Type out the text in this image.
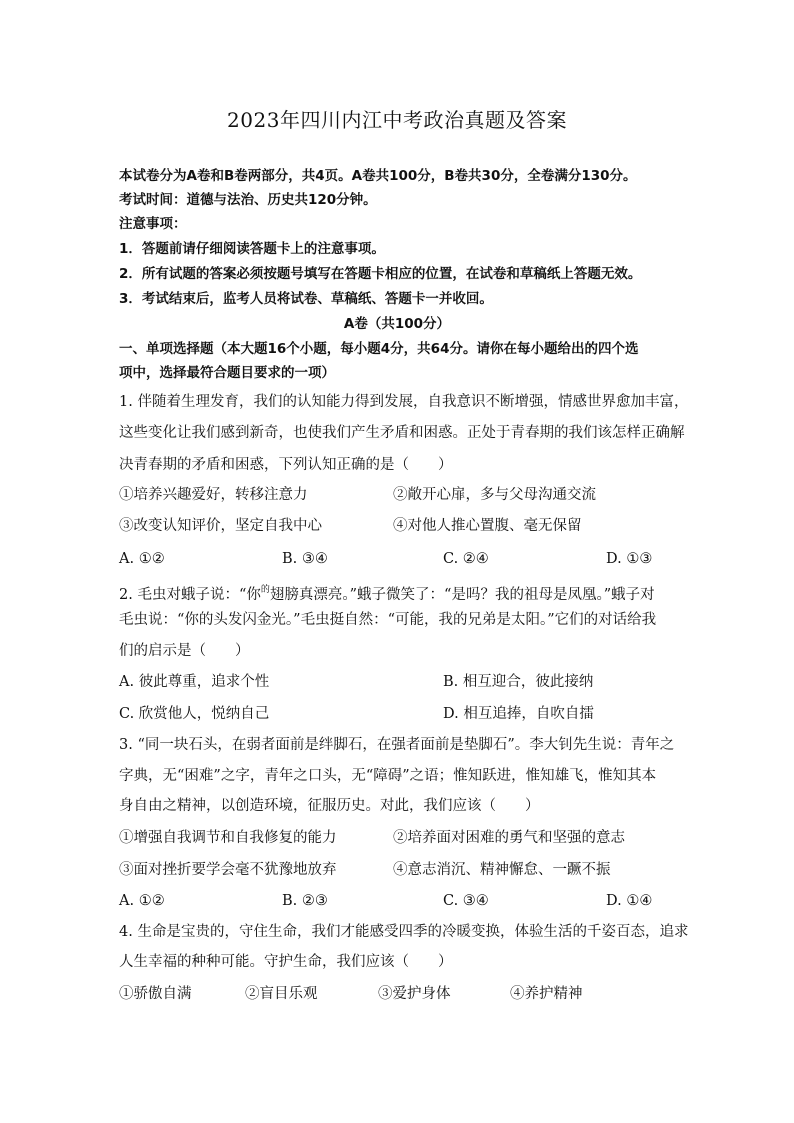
2023年四川内江中考政治真题及答案
本试卷分为A卷和B卷两部分，共4页。A卷共100分，B卷共30分，全卷满分130分。
考试时间：道德与法治、历史共120分钟。
注意事项：
1．答题前请仔细阅读答题卡上的注意事项。
2．所有试题的答案必须按题号填写在答题卡相应的位置，在试卷和草稿纸上答题无效。
3．考试结束后，监考人员将试卷、草稿纸、答题卡一并收回。
A卷（共100分）
一、单项选择题（本大题16个小题，每小题4分，共64分。请你在每小题给出的四个选
项中，选择最符合题目要求的一项）
1. 伴随着生理发育，我们的认知能力得到发展，自我意识不断增强，情感世界愈加丰富，
这些变化让我们感到新奇，也使我们产生矛盾和困惑。正处于青春期的我们该怎样正确解
决青春期的矛盾和困惑，下列认知正确的是（　　）
①培养兴趣爱好，转移注意力	②敞开心扉，多与父母沟通交流
③改变认知评价，坚定自我中心	④对他人推心置腹、毫无保留
A. ①②	B. ③④	C. ②④	D. ①③
2. 毛虫对蛾子说：“你$^的$翅膀真漂亮。”蛾子微笑了：“是吗？我的祖母是凤凰。”蛾子对
毛虫说：“你的头发闪金光。”毛虫挺自然：“可能，我的兄弟是太阳。”它们的对话给我
们的启示是（　　）
A. 彼此尊重，追求个性	B. 相互迎合，彼此接纳
C. 欣赏他人，悦纳自己	D. 相互追捧，自吹自擂
3. “同一块石头，在弱者面前是绊脚石，在强者面前是垫脚石”。李大钊先生说：青年之
字典，无“困难”之字，青年之口头，无“障碍”之语；惟知跃进，惟知雄飞，惟知其本
身自由之精神，以创造环境，征服历史。对此，我们应该（　　）
①增强自我调节和自我修复的能力	②培养面对困难的勇气和坚强的意志
③面对挫折要学会毫不犹豫地放弃	④意志消沉、精神懈怠、一蹶不振
A. ①②	B. ②③	C. ③④	D. ①④
4. 生命是宝贵的，守住生命，我们才能感受四季的冷暖变换，体验生活的千姿百态，追求
人生幸福的种种可能。守护生命，我们应该（　　）
①骄傲自满	②盲目乐观	③爱护身体	④养护精神
